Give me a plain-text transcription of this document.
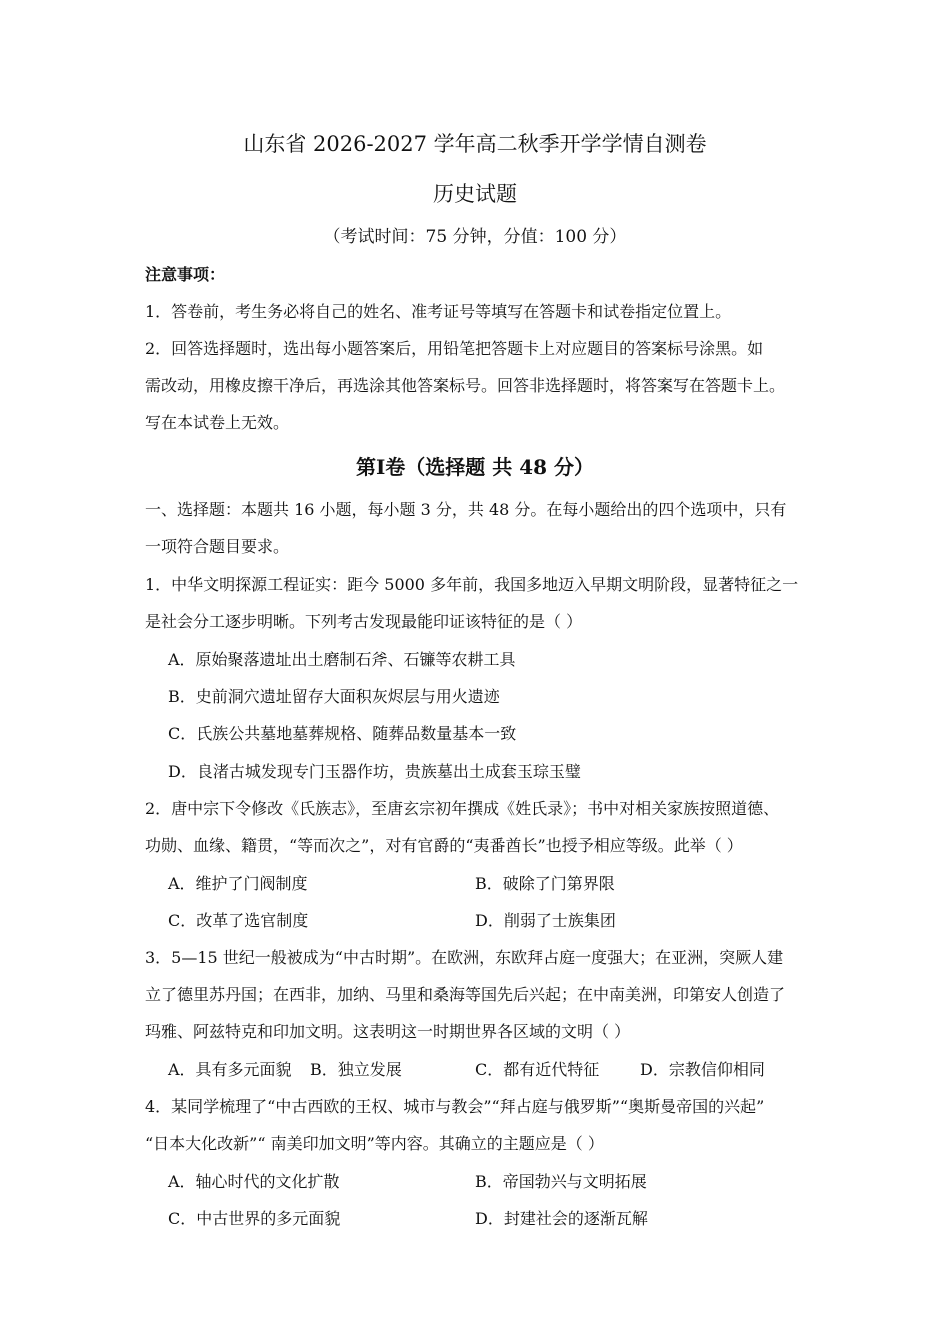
山东省 2026-2027 学年高二秋季开学学情自测卷
历史试题
（考试时间：75 分钟，分值：100 分）
注意事项：
1．答卷前，考生务必将自己的姓名、准考证号等填写在答题卡和试卷指定位置上。
2．回答选择题时，选出每小题答案后，用铅笔把答题卡上对应题目的答案标号涂黑。如
需改动，用橡皮擦干净后，再选涂其他答案标号。回答非选择题时，将答案写在答题卡上。
写在本试卷上无效。
第Ⅰ卷（选择题 共 48 分）
一、选择题：本题共 16 小题，每小题 3 分，共 48 分。在每小题给出的四个选项中，只有
一项符合题目要求。
1．中华文明探源工程证实：距今 5000 多年前，我国多地迈入早期文明阶段，显著特征之一
是社会分工逐步明晰。下列考古发现最能印证该特征的是（ ）
A．原始聚落遗址出土磨制石斧、石镰等农耕工具
B．史前洞穴遗址留存大面积灰烬层与用火遗迹
C．氏族公共墓地墓葬规格、随葬品数量基本一致
D．良渚古城发现专门玉器作坊，贵族墓出土成套玉琮玉璧
2．唐中宗下令修改《氏族志》，至唐玄宗初年撰成《姓氏录》；书中对相关家族按照道德、
功勋、血缘、籍贯，“等而次之”，对有官爵的“夷番酋长”也授予相应等级。此举（ ）
A．维护了门阀制度	B．破除了门第界限
C．改革了选官制度	D．削弱了士族集团
3．5—15 世纪一般被成为“中古时期”。在欧洲，东欧拜占庭一度强大；在亚洲，突厥人建
立了德里苏丹国；在西非，加纳、马里和桑海等国先后兴起；在中南美洲，印第安人创造了
玛雅、阿兹特克和印加文明。这表明这一时期世界各区域的文明（ ）
A．具有多元面貌 B．独立发展	C．都有近代特征	D．宗教信仰相同
4．某同学梳理了“中古西欧的王权、城市与教会”“拜占庭与俄罗斯”“奥斯曼帝国的兴起”
“日本大化改新”“ 南美印加文明”等内容。其确立的主题应是（ ）
A．轴心时代的文化扩散	B．帝国勃兴与文明拓展
C．中古世界的多元面貌	D．封建社会的逐渐瓦解
